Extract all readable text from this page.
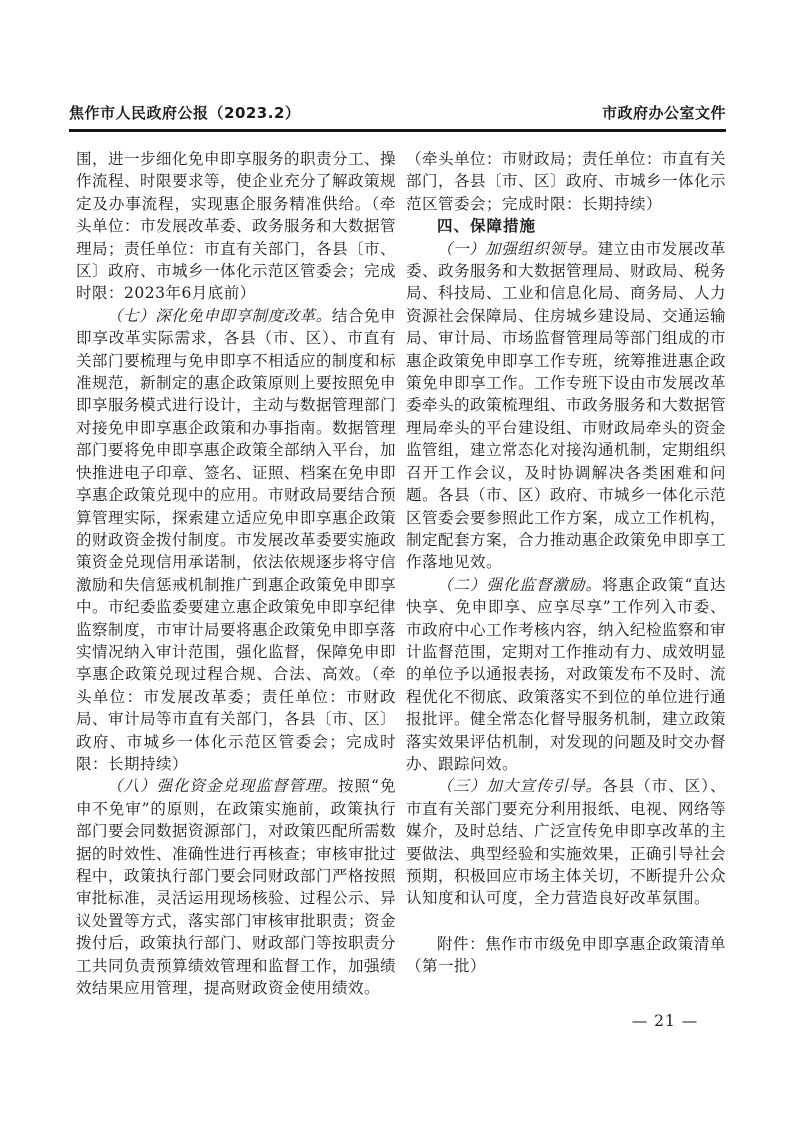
焦作市人民政府公报（2023.2）	市政府办公室文件

围，进一步细化免申即享服务的职责分工、操作流程、时限要求等，使企业充分了解政策规定及办事流程，实现惠企服务精准供给。（牵头单位：市发展改革委、政务服务和大数据管理局；责任单位：市直有关部门，各县〔市、区〕政府、市城乡一体化示范区管委会；完成时限：2023年6月底前）

（七）深化免申即享制度改革。结合免申即享改革实际需求，各县（市、区）、市直有关部门要梳理与免申即享不相适应的制度和标准规范，新制定的惠企政策原则上要按照免申即享服务模式进行设计，主动与数据管理部门对接免申即享惠企政策和办事指南。数据管理部门要将免申即享惠企政策全部纳入平台，加快推进电子印章、签名、证照、档案在免申即享惠企政策兑现中的应用。市财政局要结合预算管理实际，探索建立适应免申即享惠企政策的财政资金拨付制度。市发展改革委要实施政策资金兑现信用承诺制，依法依规逐步将守信激励和失信惩戒机制推广到惠企政策免申即享中。市纪委监委要建立惠企政策免申即享纪律监察制度，市审计局要将惠企政策免申即享落实情况纳入审计范围，强化监督，保障免申即享惠企政策兑现过程合规、合法、高效。（牵头单位：市发展改革委；责任单位：市财政局、审计局等市直有关部门，各县〔市、区〕政府、市城乡一体化示范区管委会；完成时限：长期持续）

（八）强化资金兑现监督管理。按照“免申不免审”的原则，在政策实施前，政策执行部门要会同数据资源部门，对政策匹配所需数据的时效性、准确性进行再核查；审核审批过程中，政策执行部门要会同财政部门严格按照审批标准，灵活运用现场核验、过程公示、异议处置等方式，落实部门审核审批职责；资金拨付后，政策执行部门、财政部门等按职责分工共同负责预算绩效管理和监督工作，加强绩效结果应用管理，提高财政资金使用绩效。

（牵头单位：市财政局；责任单位：市直有关部门，各县〔市、区〕政府、市城乡一体化示范区管委会；完成时限：长期持续）

四、保障措施

（一）加强组织领导。建立由市发展改革委、政务服务和大数据管理局、财政局、税务局、科技局、工业和信息化局、商务局、人力资源社会保障局、住房城乡建设局、交通运输局、审计局、市场监督管理局等部门组成的市惠企政策免申即享工作专班，统筹推进惠企政策免申即享工作。工作专班下设由市发展改革委牵头的政策梳理组、市政务服务和大数据管理局牵头的平台建设组、市财政局牵头的资金监管组，建立常态化对接沟通机制，定期组织召开工作会议，及时协调解决各类困难和问题。各县（市、区）政府、市城乡一体化示范区管委会要参照此工作方案，成立工作机构，制定配套方案，合力推动惠企政策免申即享工作落地见效。

（二）强化监督激励。将惠企政策“直达快享、免申即享、应享尽享”工作列入市委、市政府中心工作考核内容，纳入纪检监察和审计监督范围，定期对工作推动有力、成效明显的单位予以通报表扬，对政策发布不及时、流程优化不彻底、政策落实不到位的单位进行通报批评。健全常态化督导服务机制，建立政策落实效果评估机制，对发现的问题及时交办督办、跟踪问效。

（三）加大宣传引导。各县（市、区）、市直有关部门要充分利用报纸、电视、网络等媒介，及时总结、广泛宣传免申即享改革的主要做法、典型经验和实施效果，正确引导社会预期，积极回应市场主体关切，不断提升公众认知度和认可度，全力营造良好改革氛围。

附件：焦作市市级免申即享惠企政策清单（第一批）

— 21 —
